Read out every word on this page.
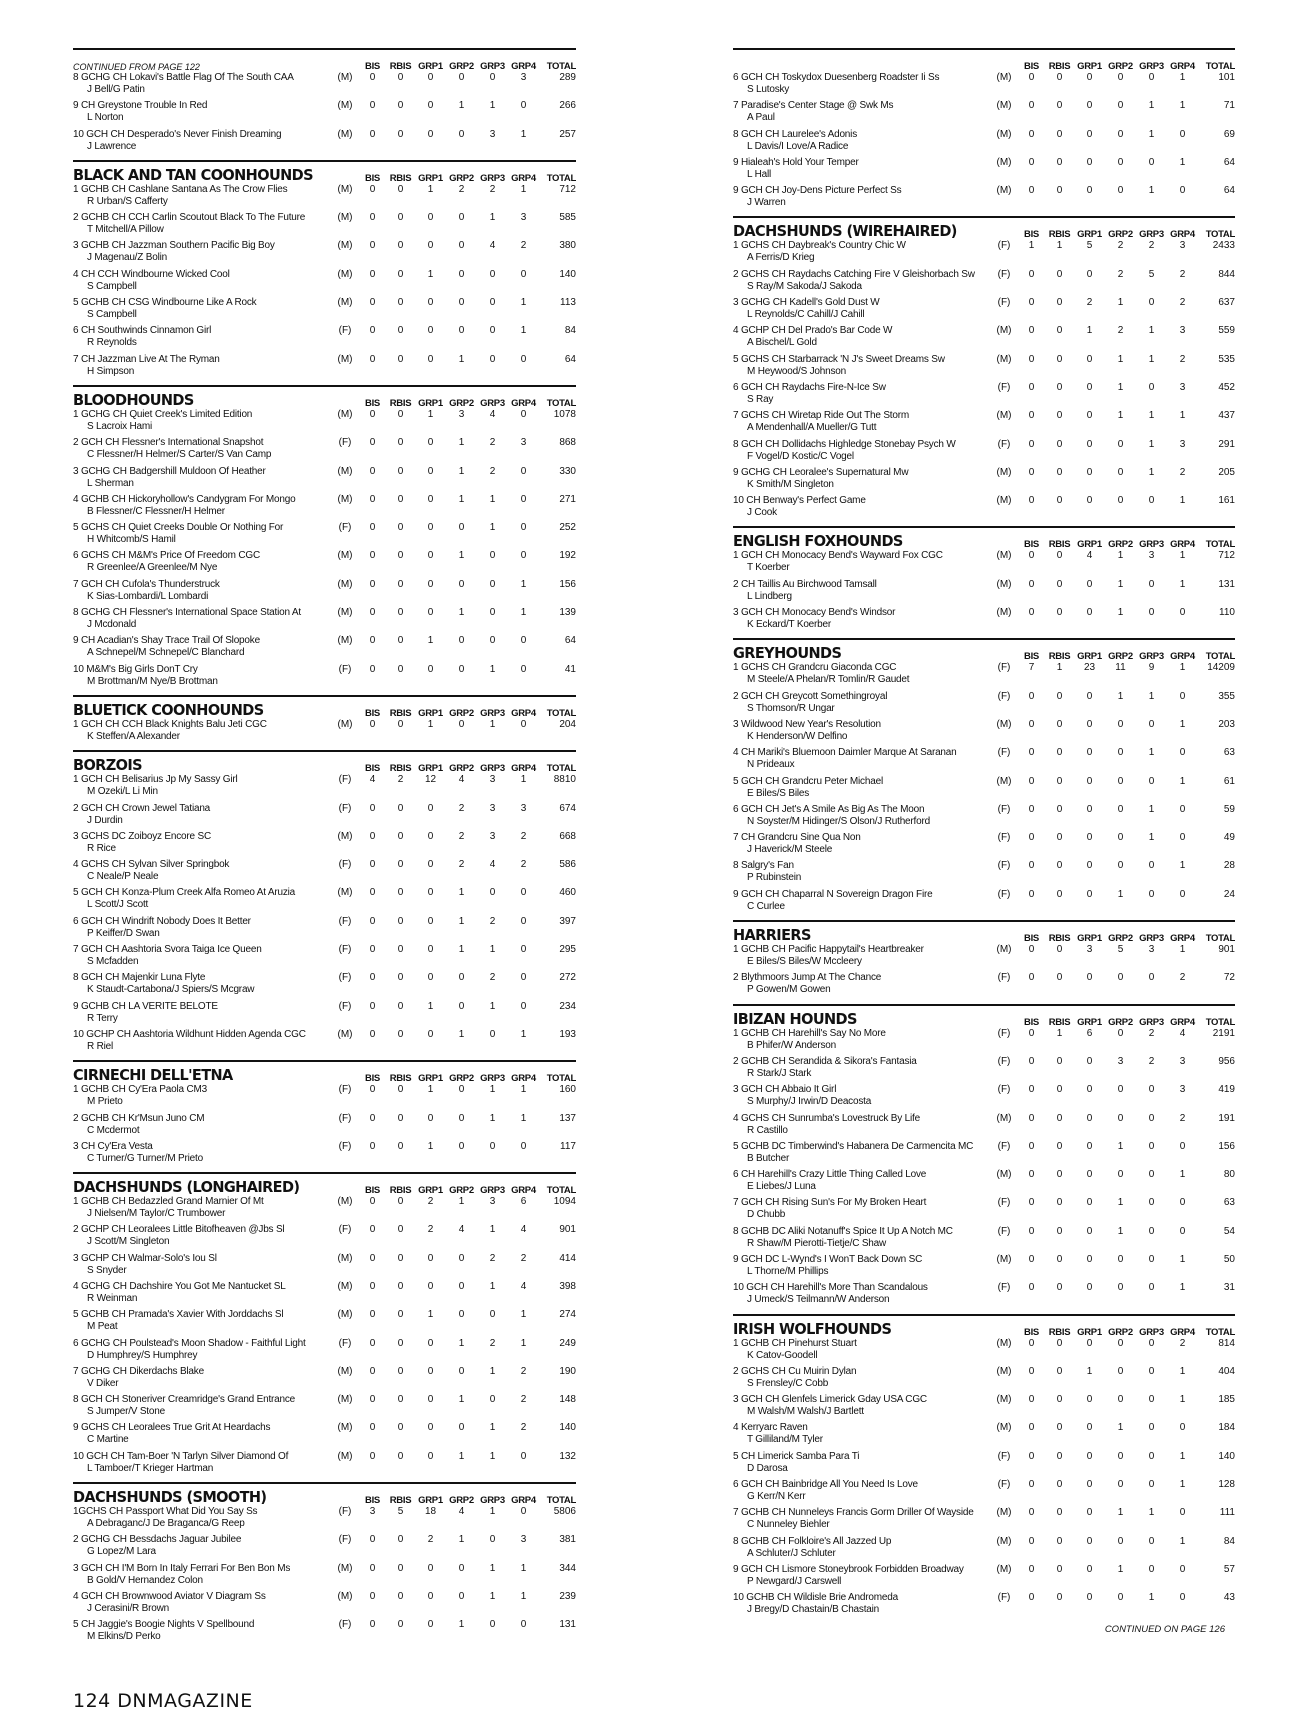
CONTINUED FROM PAGE 122	BIS	RBIS GRP1 GRP2 GRP3 GRP4	TOTAL
8 GCHG CH Lokavi's Battle Flag Of The South CAA
J Bell/G Patin
(M)	0	0	0	0	0	3	289
9 CH Greystone Trouble In Red
L Norton
(M)	0	0	0	1	1	0	266
10 GCH CH Desperado's Never Finish Dreaming
J Lawrence
(M)	0	0	0	0	3	1	257
BLACK AND TAN COONHOUNDS	BIS	RBIS GRP1 GRP2 GRP3 GRP4	TOTAL
1 GCHB CH Cashlane Santana As The Crow Flies
R Urban/S Cafferty
(M)	0	0	1	2	2	1	712
2 GCHB CH CCH Carlin Scoutout Black To The Future
T Mitchell/A Pillow
(M)	0	0	0	0	1	3	585
3 GCHB CH Jazzman Southern Pacific Big Boy
J Magenau/Z Bolin
(M)	0	0	0	0	4	2	380
4 CH CCH Windbourne Wicked Cool
S Campbell
(M)	0	0	1	0	0	0	140
5 GCHB CH CSG Windbourne Like A Rock
S Campbell
(M)	0	0	0	0	0	1	113
6 CH Southwinds Cinnamon Girl
R Reynolds
(F)	0	0	0	0	0	1	84
7 CH Jazzman Live At The Ryman
H Simpson
(M)	0	0	0	1	0	0	64
BLOODHOUNDS	BIS	RBIS GRP1 GRP2 GRP3 GRP4	TOTAL
1 GCHG CH Quiet Creek's Limited Edition
S Lacroix Hami
(M)	0	0	1	3	4	0	1078
2 GCH CH Flessner's International Snapshot
C Flessner/H Helmer/S Carter/S Van Camp
(F)	0	0	0	1	2	3	868
3 GCHG CH Badgershill Muldoon Of Heather
L Sherman
(M)	0	0	0	1	2	0	330
4 GCHB CH Hickoryhollow's Candygram For Mongo
B Flessner/C Flessner/H Helmer
(M)	0	0	0	1	1	0	271
5 GCHS CH Quiet Creeks Double Or Nothing For
H Whitcomb/S Hamil
(F)	0	0	0	0	1	0	252
6 GCHS CH M&M's Price Of Freedom CGC
R Greenlee/A Greenlee/M Nye
(M)	0	0	0	1	0	0	192
7 GCH CH Cufola's Thunderstruck
K Sias-Lombardi/L Lombardi
(M)	0	0	0	0	0	1	156
8 GCHG CH Flessner's International Space Station At
J Mcdonald
(M)	0	0	0	1	0	1	139
9 CH Acadian's Shay Trace Trail Of Slopoke
A Schnepel/M Schnepel/C Blanchard
(M)	0	0	1	0	0	0	64
10 M&M's Big Girls DonT Cry
M Brottman/M Nye/B Brottman
(F)	0	0	0	0	1	0	41
BLUETICK COONHOUNDS	BIS	RBIS GRP1 GRP2 GRP3 GRP4	TOTAL
1 GCH CH CCH Black Knights Balu Jeti CGC
K Steffen/A Alexander
(M)	0	0	1	0	1	0	204
BORZOIS	BIS	RBIS GRP1 GRP2 GRP3 GRP4	TOTAL
1 GCH CH Belisarius Jp My Sassy Girl
M Ozeki/L Li Min
(F)	4	2	12	4	3	1	8810
2 GCH CH Crown Jewel Tatiana
J Durdin
(F)	0	0	0	2	3	3	674
3 GCHS DC Zoiboyz Encore SC
R Rice
(M)	0	0	0	2	3	2	668
4 GCHS CH Sylvan Silver Springbok
C Neale/P Neale
(F)	0	0	0	2	4	2	586
5 GCH CH Konza-Plum Creek Alfa Romeo At Aruzia
L Scott/J Scott
(M)	0	0	0	1	0	0	460
6 GCH CH Windrift Nobody Does It Better
P Keiffer/D Swan
(F)	0	0	0	1	2	0	397
7 GCH CH Aashtoria Svora Taiga Ice Queen
S Mcfadden
(F)	0	0	0	1	1	0	295
8 GCH CH Majenkir Luna Flyte
K Staudt-Cartabona/J Spiers/S Mcgraw
(F)	0	0	0	0	2	0	272
9 GCHB CH LA VERITE BELOTE
R Terry
(F)	0	0	1	0	1	0	234
10 GCHP CH Aashtoria Wildhunt Hidden Agenda CGC
R Riel
(M)	0	0	0	1	0	1	193
CIRNECHI DELL'ETNA	BIS	RBIS GRP1 GRP2 GRP3 GRP4	TOTAL
1 GCHB CH Cy'Era Paola CM3
M Prieto
(F)	0	0	1	0	1	1	160
2 GCHB CH Kr'Msun Juno CM
C Mcdermot
(F)	0	0	0	0	1	1	137
3 CH Cy'Era Vesta
C Turner/G Turner/M Prieto
(F)	0	0	1	0	0	0	117
DACHSHUNDS (LONGHAIRED)	BIS	RBIS GRP1 GRP2 GRP3 GRP4	TOTAL
1 GCHB CH Bedazzled Grand Marnier Of Mt
J Nielsen/M Taylor/C Trumbower
(M)	0	0	2	1	3	6	1094
2 GCHP CH Leoralees Little Bitofheaven @Jbs Sl
J Scott/M Singleton
(F)	0	0	2	4	1	4	901
3 GCHP CH Walmar-Solo's Iou Sl
S Snyder
(M)	0	0	0	0	2	2	414
4 GCHG CH Dachshire You Got Me Nantucket SL
R Weinman
(M)	0	0	0	0	1	4	398
5 GCHB CH Pramada's Xavier With Jorddachs Sl
M Peat
(M)	0	0	1	0	0	1	274
6 GCHG CH Poulstead's Moon Shadow - Faithful Light
D Humphrey/S Humphrey
(F)	0	0	0	1	2	1	249
7 GCHG CH Dikerdachs Blake
V Diker
(M)	0	0	0	0	1	2	190
8 GCH CH Stoneriver Creamridge's Grand Entrance
S Jumper/V Stone
(M)	0	0	0	1	0	2	148
9 GCHS CH Leoralees True Grit At Heardachs
C Martine
(M)	0	0	0	0	1	2	140
10 GCH CH Tam-Boer 'N Tarlyn Silver Diamond Of
L Tamboer/T Krieger Hartman
(M)	0	0	0	1	1	0	132
DACHSHUNDS (SMOOTH)	BIS	RBIS GRP1 GRP2 GRP3 GRP4	TOTAL
1GCHS CH Passport What Did You Say Ss
A Debraganc/J De Braganca/G Reep
(F)	3	5	18	4	1	0	5806
2 GCHG CH Bessdachs Jaguar Jubilee
G Lopez/M Lara
(F)	0	0	2	1	0	3	381
3 GCH CH I'M Born In Italy Ferrari For Ben Bon Ms
B Gold/V Hernandez Colon
(M)	0	0	0	0	1	1	344
4 GCH CH Brownwood Aviator V Diagram Ss
J Cerasini/R Brown
(M)	0	0	0	0	1	1	239
5 CH Jaggie's Boogie Nights V Spellbound
M Elkins/D Perko
(F)	0	0	0	1	0	0	131
BIS	RBIS GRP1 GRP2 GRP3 GRP4	TOTAL
6 GCH CH Toskydox Duesenberg Roadster Ii Ss
S Lutosky
(M)	0	0	0	0	0	1	101
7 Paradise's Center Stage @ Swk Ms
A Paul
(M)	0	0	0	0	1	1	71
8 GCH CH Laurelee's Adonis
L Davis/I Love/A Radice
(M)	0	0	0	0	1	0	69
9 Hialeah's Hold Your Temper
L Hall
(M)	0	0	0	0	0	1	64
9 GCH CH Joy-Dens Picture Perfect Ss
J Warren
(M)	0	0	0	0	1	0	64
DACHSHUNDS (WIREHAIRED)	BIS	RBIS GRP1 GRP2 GRP3 GRP4	TOTAL
1 GCHS CH Daybreak's Country Chic W
A Ferris/D Krieg
(F)	1	1	5	2	2	3	2433
2 GCHS CH Raydachs Catching Fire V Gleishorbach Sw
S Ray/M Sakoda/J Sakoda
(F)	0	0	0	2	5	2	844
3 GCHG CH Kadell's Gold Dust W
L Reynolds/C Cahill/J Cahill
(F)	0	0	2	1	0	2	637
4 GCHP CH Del Prado's Bar Code W
A Bischel/L Gold
(M)	0	0	1	2	1	3	559
5 GCHS CH Starbarrack 'N J's Sweet Dreams Sw
M Heywood/S Johnson
(M)	0	0	0	1	1	2	535
6 GCH CH Raydachs Fire-N-Ice Sw
S Ray
(F)	0	0	0	1	0	3	452
7 GCHS CH Wiretap Ride Out The Storm
A Mendenhall/A Mueller/G Tutt
(M)	0	0	0	1	1	1	437
8 GCH CH Dollidachs Highledge Stonebay Psych W
F Vogel/D Kostic/C Vogel
(F)	0	0	0	0	1	3	291
9 GCHG CH Leoralee's Supernatural Mw
K Smith/M Singleton
(M)	0	0	0	0	1	2	205
10 CH Benway's Perfect Game
J Cook
(M)	0	0	0	0	0	1	161
ENGLISH FOXHOUNDS	BIS	RBIS GRP1 GRP2 GRP3 GRP4	TOTAL
1 GCH CH Monocacy Bend's Wayward Fox CGC
T Koerber
(M)	0	0	4	1	3	1	712
2 CH Taillis Au Birchwood Tamsall
L Lindberg
(M)	0	0	0	1	0	1	131
3 GCH CH Monocacy Bend's Windsor
K Eckard/T Koerber
(M)	0	0	0	1	0	0	110
GREYHOUNDS	BIS	RBIS GRP1 GRP2 GRP3 GRP4	TOTAL
1 GCHS CH Grandcru Giaconda CGC
M Steele/A Phelan/R Tomlin/R Gaudet
(F)	7	1	23	11	9	1	14209
2 GCH CH Greycott Somethingroyal
S Thomson/R Ungar
(F)	0	0	0	1	1	0	355
3 Wildwood New Year's Resolution
K Henderson/W Delfino
(M)	0	0	0	0	0	1	203
4 CH Mariki's Bluemoon Daimler Marque At Saranan
N Prideaux
(F)	0	0	0	0	1	0	63
5 GCH CH Grandcru Peter Michael
E Biles/S Biles
(M)	0	0	0	0	0	1	61
6 GCH CH Jet's A Smile As Big As The Moon
N Soyster/M Hidinger/S Olson/J Rutherford
(F)	0	0	0	0	1	0	59
7 CH Grandcru Sine Qua Non
J Haverick/M Steele
(F)	0	0	0	0	1	0	49
8 Salgry's Fan
P Rubinstein
(F)	0	0	0	0	0	1	28
9 GCH CH Chaparral N Sovereign Dragon Fire
C Curlee
(F)	0	0	0	1	0	0	24
HARRIERS	BIS	RBIS GRP1 GRP2 GRP3 GRP4	TOTAL
1 GCHB CH Pacific Happytail's Heartbreaker
E Biles/S Biles/W Mccleery
(M)	0	0	3	5	3	1	901
2 Blythmoors Jump At The Chance
P Gowen/M Gowen
(F)	0	0	0	0	0	2	72
IBIZAN HOUNDS	BIS	RBIS GRP1 GRP2 GRP3 GRP4	TOTAL
1 GCHB CH Harehill's Say No More
B Phifer/W Anderson
(F)	0	1	6	0	2	4	2191
2 GCHB CH Serandida & Sikora's Fantasia
R Stark/J Stark
(F)	0	0	0	3	2	3	956
3 GCH CH Abbaio It Girl
S Murphy/J Irwin/D Deacosta
(F)	0	0	0	0	0	3	419
4 GCHS CH Sunrumba's Lovestruck By Life
R Castillo
(M)	0	0	0	0	0	2	191
5 GCHB DC Timberwind's Habanera De Carmencita MC
B Butcher
(F)	0	0	0	1	0	0	156
6 CH Harehill's Crazy Little Thing Called Love
E Liebes/J Luna
(M)	0	0	0	0	0	1	80
7 GCH CH Rising Sun's For My Broken Heart
D Chubb
(F)	0	0	0	1	0	0	63
8 GCHB DC Aliki Notanuff's Spice It Up A Notch MC
R Shaw/M Pierotti-Tietje/C Shaw
(F)	0	0	0	1	0	0	54
9 GCH DC L-Wynd's I WonT Back Down SC
L Thorne/M Phillips
(M)	0	0	0	0	0	1	50
10 GCH CH Harehill's More Than Scandalous
J Umeck/S Teilmann/W Anderson
(F)	0	0	0	0	0	1	31
IRISH WOLFHOUNDS	BIS	RBIS GRP1 GRP2 GRP3 GRP4	TOTAL
1 GCHB CH Pinehurst Stuart
K Catov-Goodell
(M)	0	0	0	0	0	2	814
2 GCHS CH Cu Muirin Dylan
S Frensley/C Cobb
(M)	0	0	1	0	0	1	404
3 GCH CH Glenfels Limerick Gday USA CGC
M Walsh/M Walsh/J Bartlett
(M)	0	0	0	0	0	1	185
4 Kerryarc Raven
T Gilliland/M Tyler
(M)	0	0	0	1	0	0	184
5 CH Limerick Samba Para Ti
D Darosa
(F)	0	0	0	0	0	1	140
6 GCH CH Bainbridge All You Need Is Love
G Kerr/N Kerr
(F)	0	0	0	0	0	1	128
7 GCHB CH Nunneleys Francis Gorm Driller Of Wayside
C Nunneley Biehler
(M)	0	0	0	1	1	0	111
8 GCHB CH Folkloire's All Jazzed Up
A Schluter/J Schluter
(M)	0	0	0	0	0	1	84
9 GCH CH Lismore Stoneybrook Forbidden Broadway
P Newgard/J Carswell
(M)	0	0	0	1	0	0	57
10 GCHB CH Wildisle Brie Andromeda
J Bregy/D Chastain/B Chastain
(F)	0	0	0	0	1	0	43
CONTINUED ON PAGE 126
124 DNMAGAZINE
